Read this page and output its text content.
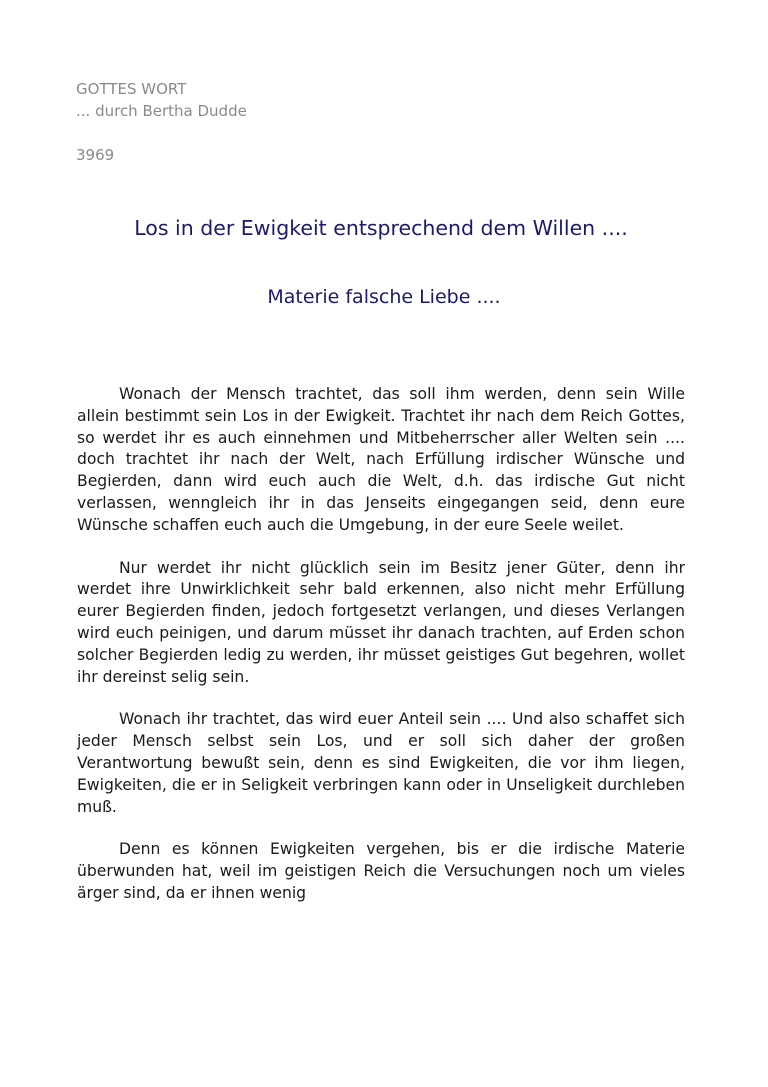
GOTTES WORT
... durch Bertha Dudde
3969
Los in der Ewigkeit entsprechend dem Willen ....
Materie falsche Liebe ....

Wonach der Mensch trachtet, das soll ihm werden, denn sein Wille allein bestimmt sein Los in der Ewigkeit. Trachtet ihr nach dem Reich Gottes, so werdet ihr es auch einnehmen und Mitbeherrscher aller Welten sein .... doch trachtet ihr nach der Welt, nach Erfüllung irdischer Wünsche und Begierden, dann wird euch auch die Welt, d.h. das irdische Gut nicht verlassen, wenngleich ihr in das Jenseits eingegangen seid, denn eure Wünsche schaffen euch auch die Umgebung, in der eure Seele weilet.

Nur werdet ihr nicht glücklich sein im Besitz jener Güter, denn ihr werdet ihre Unwirklichkeit sehr bald erkennen, also nicht mehr Erfüllung eurer Begierden finden, jedoch fortgesetzt verlangen, und dieses Verlangen wird euch peinigen, und darum müsset ihr danach trachten, auf Erden schon solcher Begierden ledig zu werden, ihr müsset geistiges Gut begehren, wollet ihr dereinst selig sein.

Wonach ihr trachtet, das wird euer Anteil sein .... Und also schaffet sich jeder Mensch selbst sein Los, und er soll sich daher der großen Verantwortung bewußt sein, denn es sind Ewigkeiten, die vor ihm liegen, Ewigkeiten, die er in Seligkeit verbringen kann oder in Unseligkeit durchleben muß.

Denn es können Ewigkeiten vergehen, bis er die irdische Materie überwunden hat, weil im geistigen Reich die Versuchungen noch um vieles ärger sind, da er ihnen wenig
